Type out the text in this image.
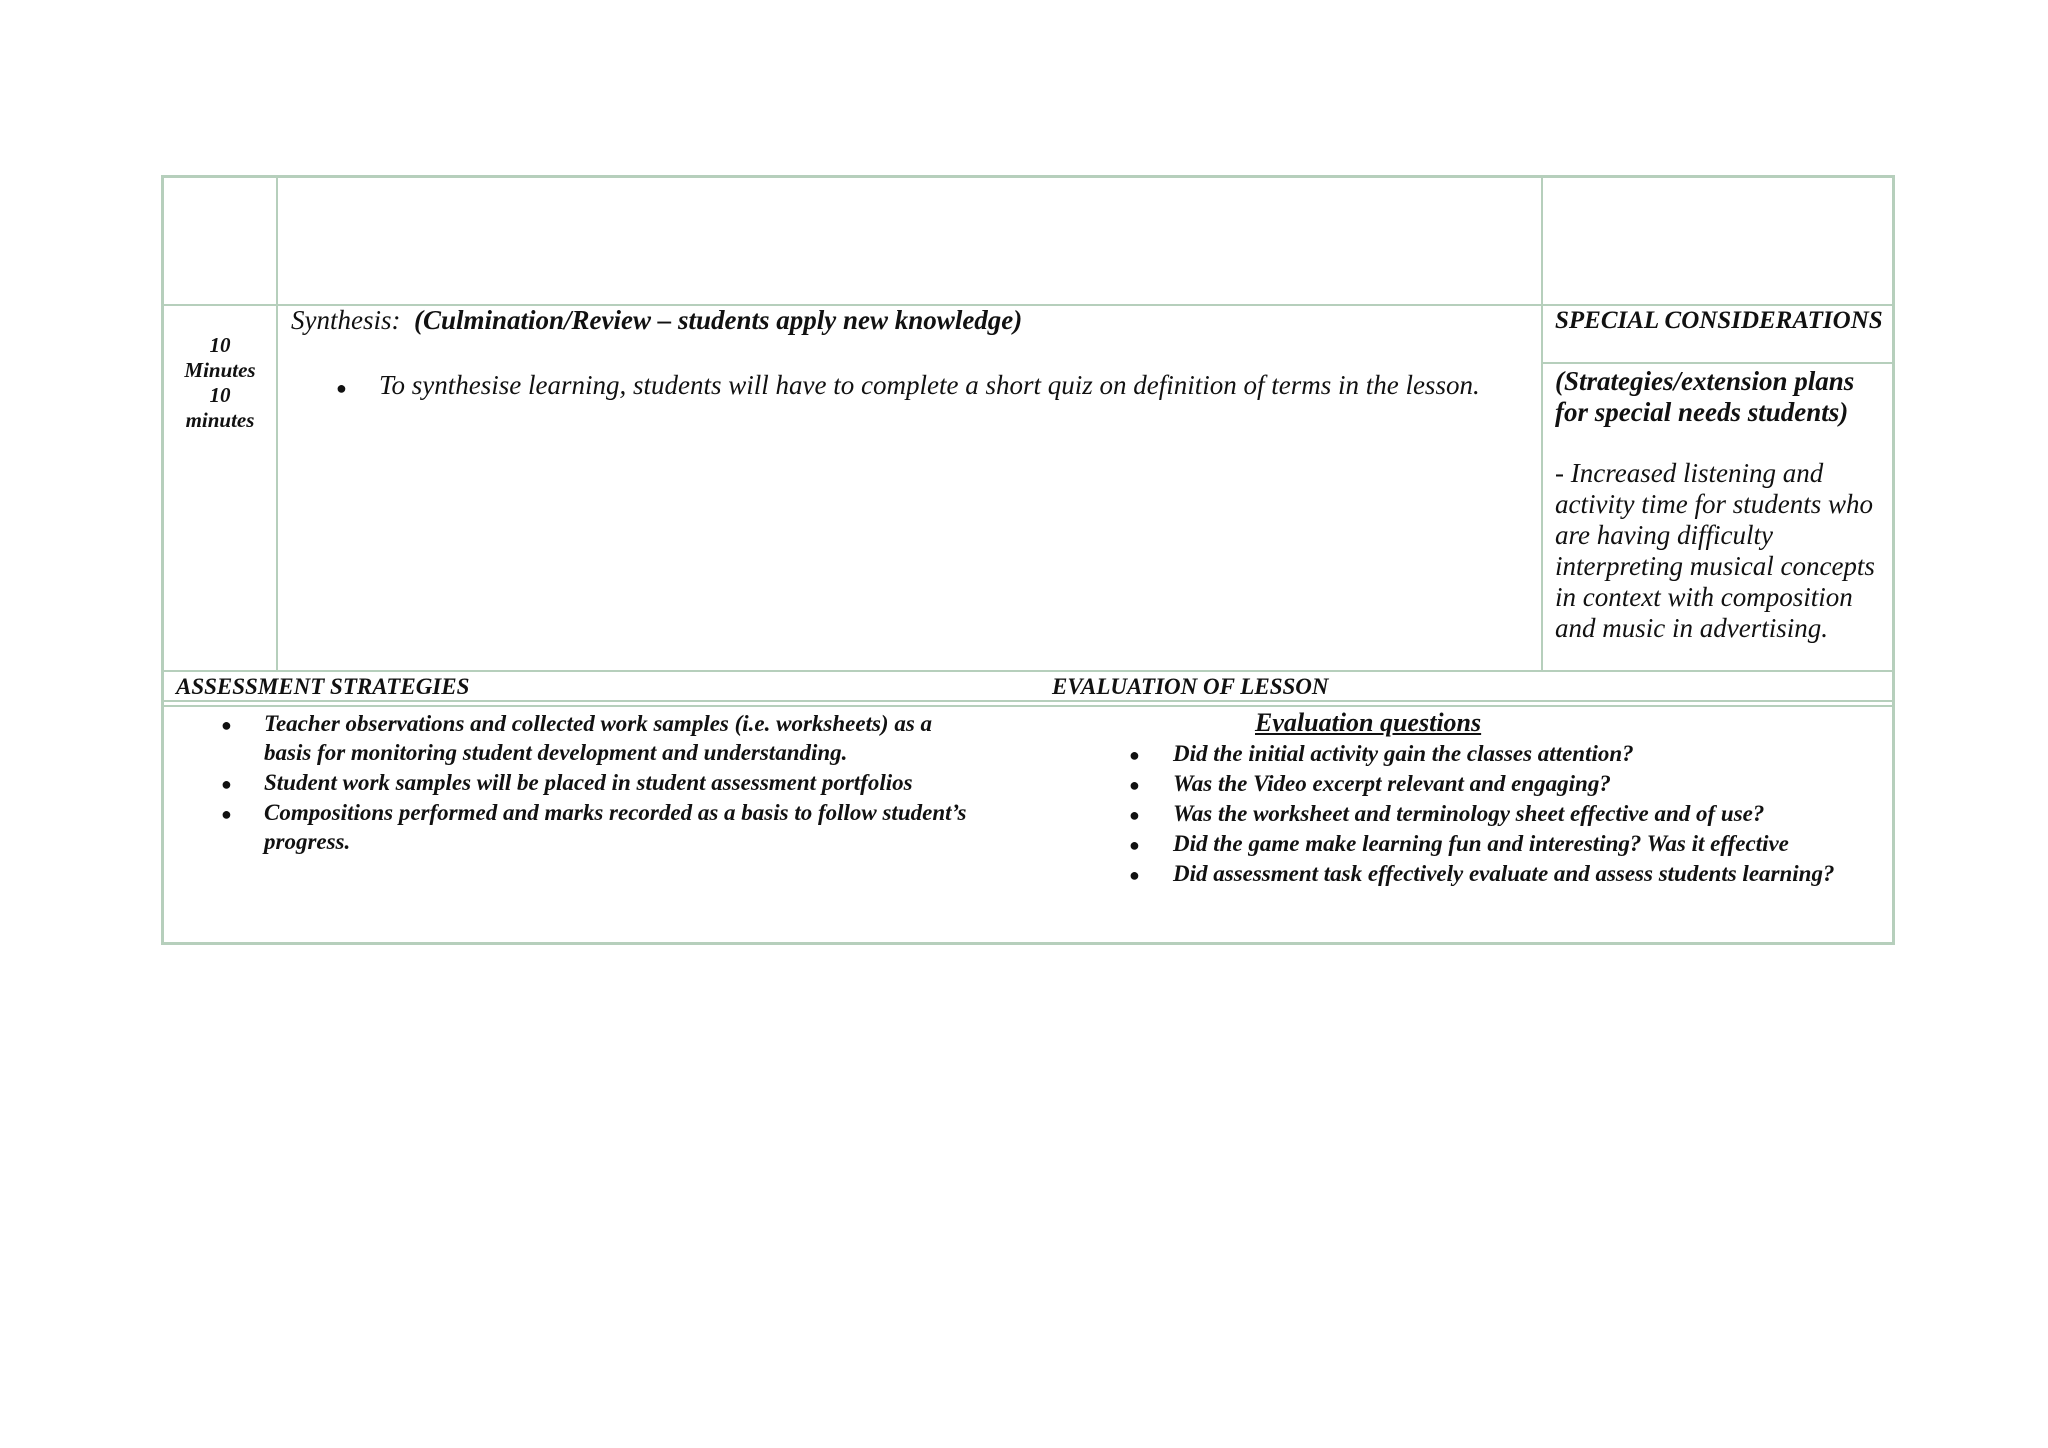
10
Minutes
10
minutes
Synthesis: (Culmination/Review – students apply new knowledge)
● To synthesise learning, students will have to complete a short quiz on definition of terms in the lesson.
SPECIAL CONSIDERATIONS
(Strategies/extension plans
for special needs students)
- Increased listening and
activity time for students who
are having difficulty
interpreting musical concepts
in context with composition
and music in advertising.
ASSESSMENT STRATEGIES	EVALUATION OF LESSON
● Teacher observations and collected work samples (i.e. worksheets) as a
basis for monitoring student development and understanding.
● Student work samples will be placed in student assessment portfolios
● Compositions performed and marks recorded as a basis to follow student’s
progress.
Evaluation questions
● Did the initial activity gain the classes attention?
● Was the Video excerpt relevant and engaging?
● Was the worksheet and terminology sheet effective and of use?
● Did the game make learning fun and interesting? Was it effective
● Did assessment task effectively evaluate and assess students learning?
